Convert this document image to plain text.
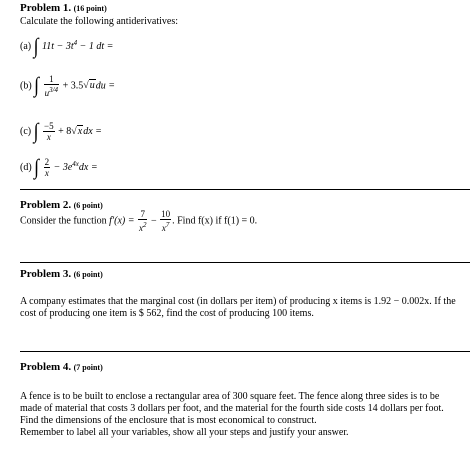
Problem 1. (16 point)
Calculate the following antiderivatives:
(a) ∫ $11t - 3t^4 - 1$ dt =
(b) ∫ $\frac{1}{u^{3/4}} + 3.5√udu$ =
(c) ∫ $\frac{-5}{x} + 8√xdx$ =
(d) ∫ $\frac{2}{x} - 3e^{4x}dx$ =
Problem 2. (6 point)
Consider the function $f'(x) = \frac{7}{x^2} - \frac{10}{x^7}$ . Find f(x) if f(1) = 0.
Problem 3. (6 point)
A company estimates that the marginal cost (in dollars per item) of producing x items is 1.92 − 0.002x. If the cost of producing one item is $ 562, find the cost of producing 100 items.
Problem 4. (7 point)
A fence is to be built to enclose a rectangular area of 300 square feet. The fence along three sides is to be
made of material that costs 3 dollars per foot, and the material for the fourth side costs 14 dollars per foot.
Find the dimensions of the enclosure that is most economical to construct.
Remember to label all your variables, show all your steps and justify your answer.
